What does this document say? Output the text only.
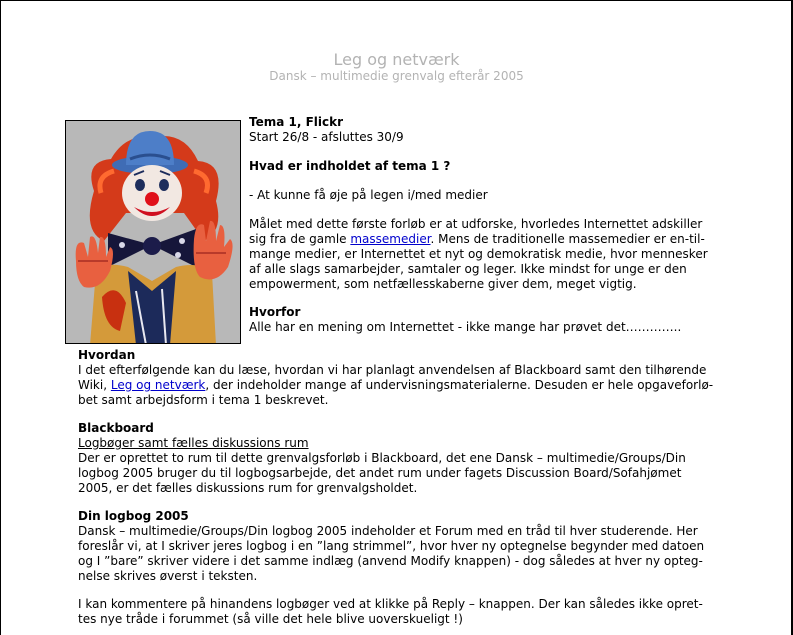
Leg og netværk
Dansk – multimedie grenvalg efterår 2005

Tema 1, Flickr

Start 26/8 - afsluttes 30/9

Hvad er indholdet af tema 1 ?

- At kunne få øje på legen i/med medier

Målet med dette første forløb er at udforske, hvorledes Internettet adskiller

sig fra de gamle massemedier. Mens de traditionelle massemedier er en-til-

mange medier, er Internettet et nyt og demokratisk medie, hvor mennesker

af alle slags samarbejder, samtaler og leger. Ikke mindst for unge er den

empowerment, som netfællesskaberne giver dem, meget vigtig.

Hvorfor

Alle har en mening om Internettet - ikke mange har prøvet det…………..

Hvordan

I det efterfølgende kan du læse, hvordan vi har planlagt anvendelsen af Blackboard samt den tilhørende

Wiki, Leg og netværk, der indeholder mange af undervisningsmaterialerne. Desuden er hele opgaveforlø-

bet samt arbejdsform i tema 1 beskrevet.

Blackboard

Logbøger samt fælles diskussions rum

Der er oprettet to rum til dette grenvalgsforløb i Blackboard, det ene Dansk – multimedie/Groups/Din

logbog 2005 bruger du til logbogsarbejde, det andet rum under fagets Discussion Board/Sofahjømet

2005, er det fælles diskussions rum for grenvalgsholdet.

Din logbog 2005

Dansk – multimedie/Groups/Din logbog 2005 indeholder et Forum med en tråd til hver studerende. Her

foreslår vi, at I skriver jeres logbog i en ”lang strimmel”, hvor hver ny optegnelse begynder med datoen

og I ”bare” skriver videre i det samme indlæg (anvend Modify knappen) - dog således at hver ny opteg-

nelse skrives øverst i teksten.

I kan kommentere på hinandens logbøger ved at klikke på Reply – knappen. Der kan således ikke opret-

tes nye tråde i forummet (så ville det hele blive uoverskueligt !)
